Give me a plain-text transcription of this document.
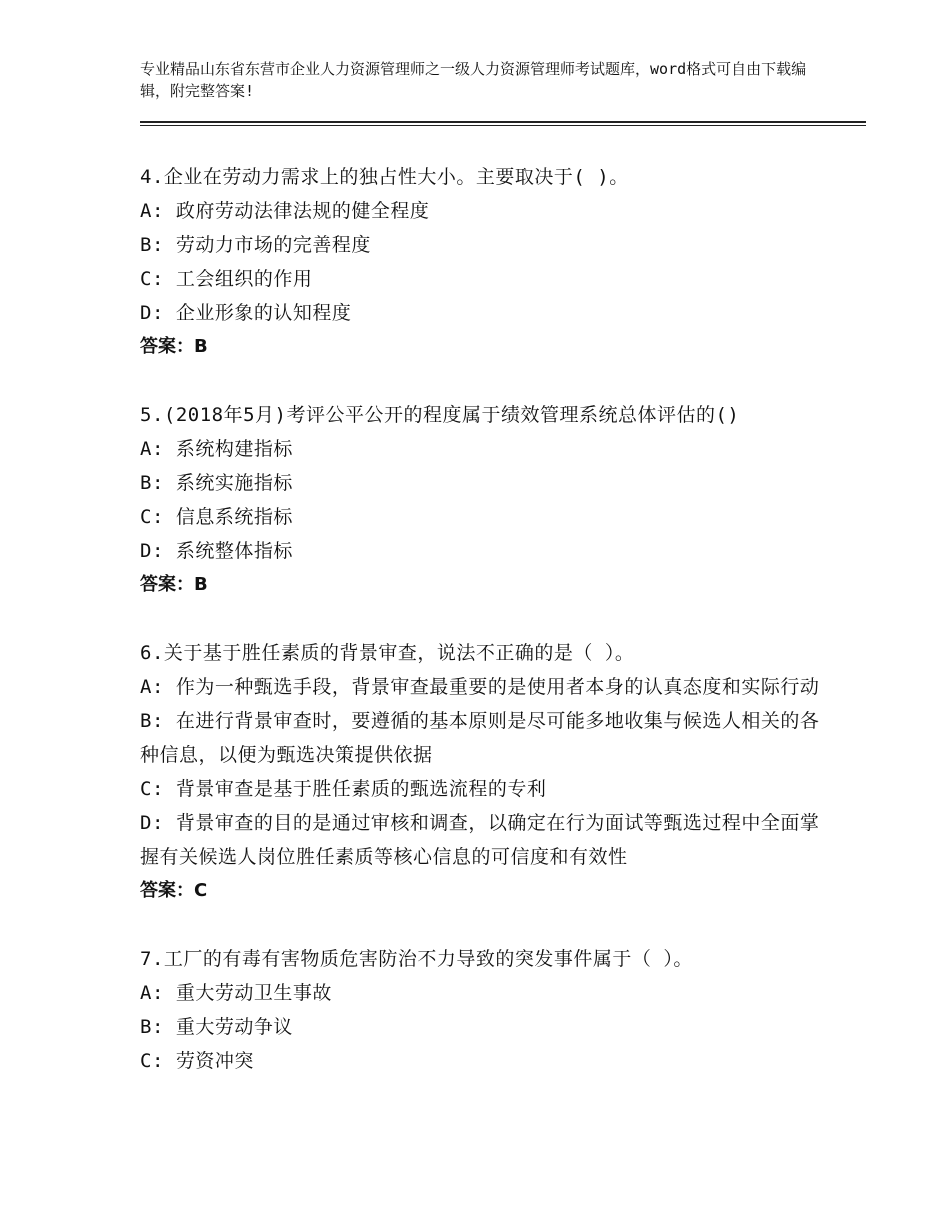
专业精品山东省东营市企业人力资源管理师之一级人力资源管理师考试题库，word格式可自由下载编辑，附完整答案!
4.企业在劳动力需求上的独占性大小。主要取决于( )。
A: 政府劳动法律法规的健全程度
B: 劳动力市场的完善程度
C: 工会组织的作用
D: 企业形象的认知程度
答案：B
5.(2018年5月)考评公平公开的程度属于绩效管理系统总体评估的()
A: 系统构建指标
B: 系统实施指标
C: 信息系统指标
D: 系统整体指标
答案：B
6.关于基于胜任素质的背景审查，说法不正确的是（ ）。
A: 作为一种甄选手段，背景审查最重要的是使用者本身的认真态度和实际行动
B: 在进行背景审查时，要遵循的基本原则是尽可能多地收集与候选人相关的各种信息，以便为甄选决策提供依据
C: 背景审查是基于胜任素质的甄选流程的专利
D: 背景审查的目的是通过审核和调查，以确定在行为面试等甄选过程中全面掌握有关候选人岗位胜任素质等核心信息的可信度和有效性
答案：C
7.工厂的有毒有害物质危害防治不力导致的突发事件属于（ ）。
A: 重大劳动卫生事故
B: 重大劳动争议
C: 劳资冲突
